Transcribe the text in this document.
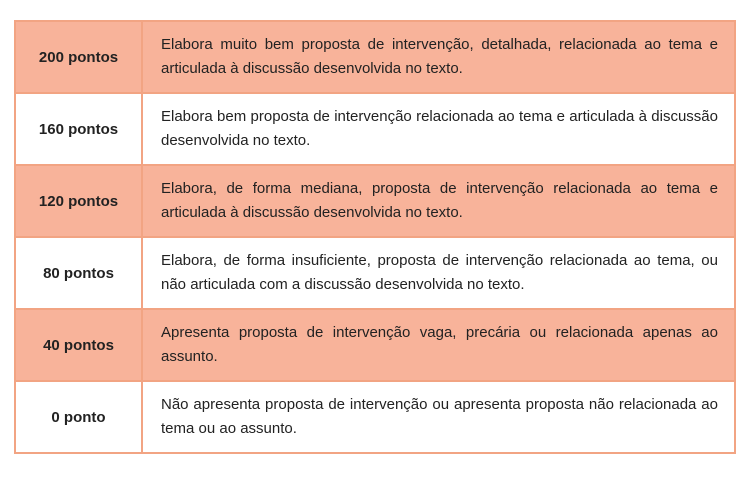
200 pontos	Elabora muito bem proposta de intervenção, detalhada, relacionada ao tema e articulada à discussão desenvolvida no texto.
160 pontos	Elabora bem proposta de intervenção relacionada ao tema e articulada à discussão desenvolvida no texto.
120 pontos	Elabora, de forma mediana, proposta de intervenção relacionada ao tema e articulada à discussão desenvolvida no texto.
80 pontos	Elabora, de forma insuficiente, proposta de intervenção relacionada ao tema, ou não articulada com a discussão desenvolvida no texto.
40 pontos	Apresenta proposta de intervenção vaga, precária ou relacionada apenas ao assunto.
0 ponto	Não apresenta proposta de intervenção ou apresenta proposta não relacionada ao tema ou ao assunto.
